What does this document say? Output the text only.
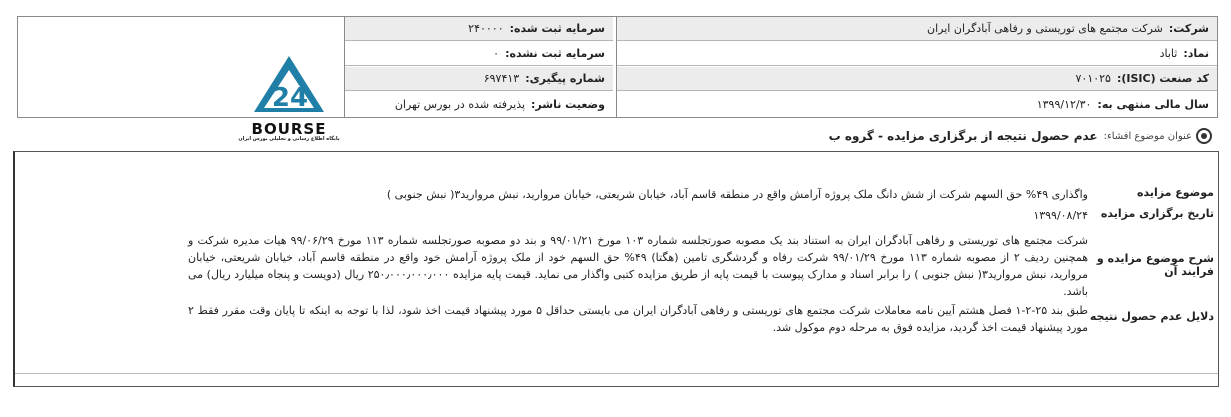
شرکت:
شرکت مجتمع های توریستی و رفاهی آبادگران ایران
نماد:
ثاباد
کد صنعت (ISIC):
۷۰۱۰۲۵
سال مالی منتهی به:
۱۳۹۹/۱۲/۳۰
سرمایه ثبت شده:
۲۴۰۰۰۰
سرمایه ثبت نشده:
۰
شماره پیگیری:
۶۹۷۴۱۳
وضعیت ناشر:
پذیرفته شده در بورس تهران
24
BOURSE
پایگاه اطلاع رسانی و تحلیلی بورس ایران	عنوان موضوع افشاء:
عدم حصول نتیجه از برگزاری مزایده - گروه ب
موضوع مزایده
واگذاری ۴۹% حق السهم شرکت از شش دانگ ملک پروژه آرامش واقع در منطقه قاسم آباد، خیابان شریعتی، خیابان مروارید، نبش مرواريد۳( نبش جنوبی )
تاریخ برگزاری مزایده
۱۳۹۹/۰۸/۲۴
شرح موضوع مزایده و فرایند آن
شرکت مجتمع های توریستی و رفاهی آبادگران ایران به استناد بند یک مصوبه صورتجلسه شماره ۱۰۳ مورخ ۹۹/۰۱/۲۱ و بند دو مصوبه صورتجلسه شماره ۱۱۳ مورخ ۹۹/۰۶/۲۹ هیات مدیره شرکت و همچنین ردیف ۲ از مصوبه شماره ۱۱۳ مورخ ۹۹/۰۱/۲۹ شرکت رفاه و گردشگری تامین (هگتا) ۴۹% حق السهم خود از ملک پروژه آرامش خود واقع در منطقه قاسم آباد، خیابان شریعتی، خیابان مروارید، نبش مرواريد۳( نبش جنوبی ) را برابر اسناد و مدارک پیوست با قیمت پایه از طریق مزایده کتبی واگذار می نماید. قیمت پایه مزایده ۲۵۰٫۰۰۰٫۰۰۰٫۰۰۰ ریال (دویست و پنجاه میلیارد ریال) می باشد.
دلایل عدم حصول نتیجه
طبق بند ۲۵-۲-۱ فصل هشتم آیین نامه معاملات شرکت مجتمع های توریستی و رفاهی آبادگران ایران می بایستی حداقل ۵ مورد پیشنهاد قیمت اخذ شود، لذا با توجه به اینکه تا پایان وقت مقرر فقط ۲ مورد پیشنهاد قیمت اخذ گردید، مزایده فوق به مرحله دوم موکول شد.
